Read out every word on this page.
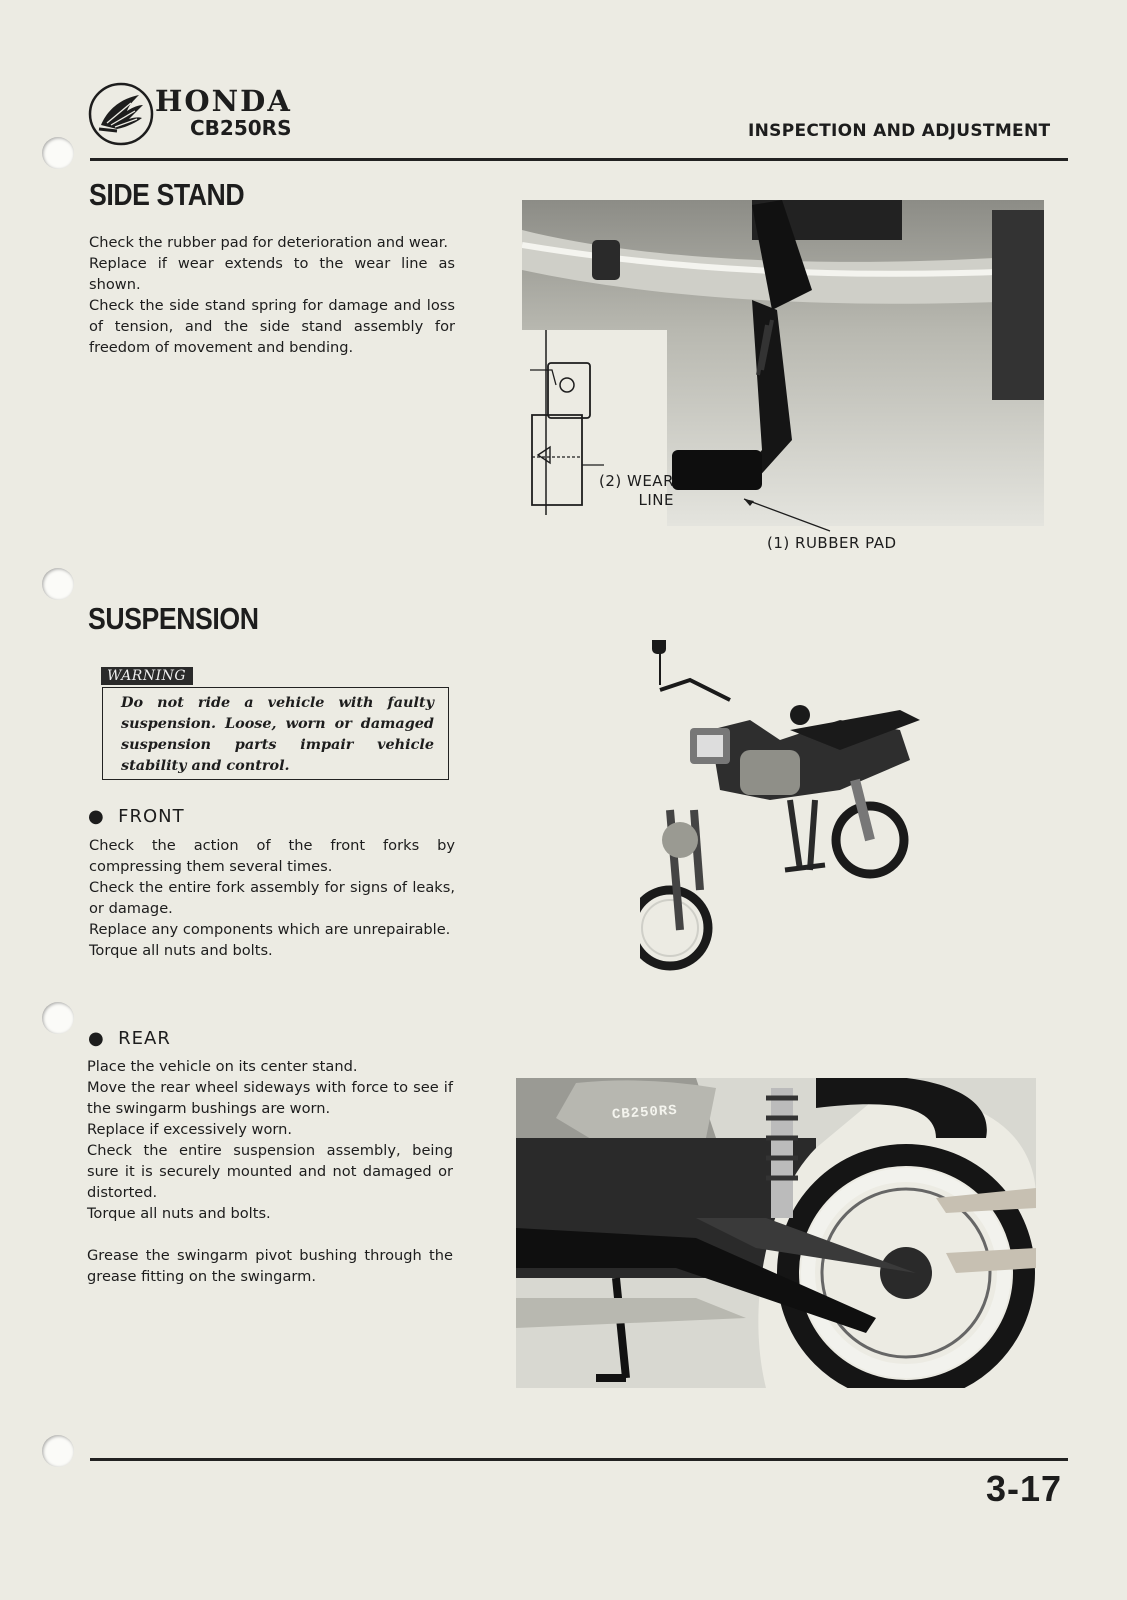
HONDA
CB250RS	INSPECTION AND ADJUSTMENT
SIDE STAND

Check the rubber pad for deterioration and wear.

Replace if wear extends to the wear line as shown.

Check the side stand spring for damage and loss of tension, and the side stand assembly for freedom of movement and bending.

(2) WEAR
LINE
(1) RUBBER PAD
SUSPENSION
WARNING
Do not ride a vehicle with faulty suspension. Loose, worn or damaged suspension parts impair vehicle stability and control.
●  FRONT

Check the action of the front forks by compressing them several times.

Check the entire fork assembly for signs of leaks, or damage.

Replace any components which are unrepairable.

Torque all nuts and bolts.

●  REAR

Place the vehicle on its center stand.

Move the rear wheel sideways with force to see if the swingarm bushings are worn.

Replace if excessively worn.

Check the entire suspension assembly, being sure it is securely mounted and not damaged or distorted.

Torque all nuts and bolts.

Grease the swingarm pivot bushing through the grease fitting on the swingarm.

CB250RS
3-17
